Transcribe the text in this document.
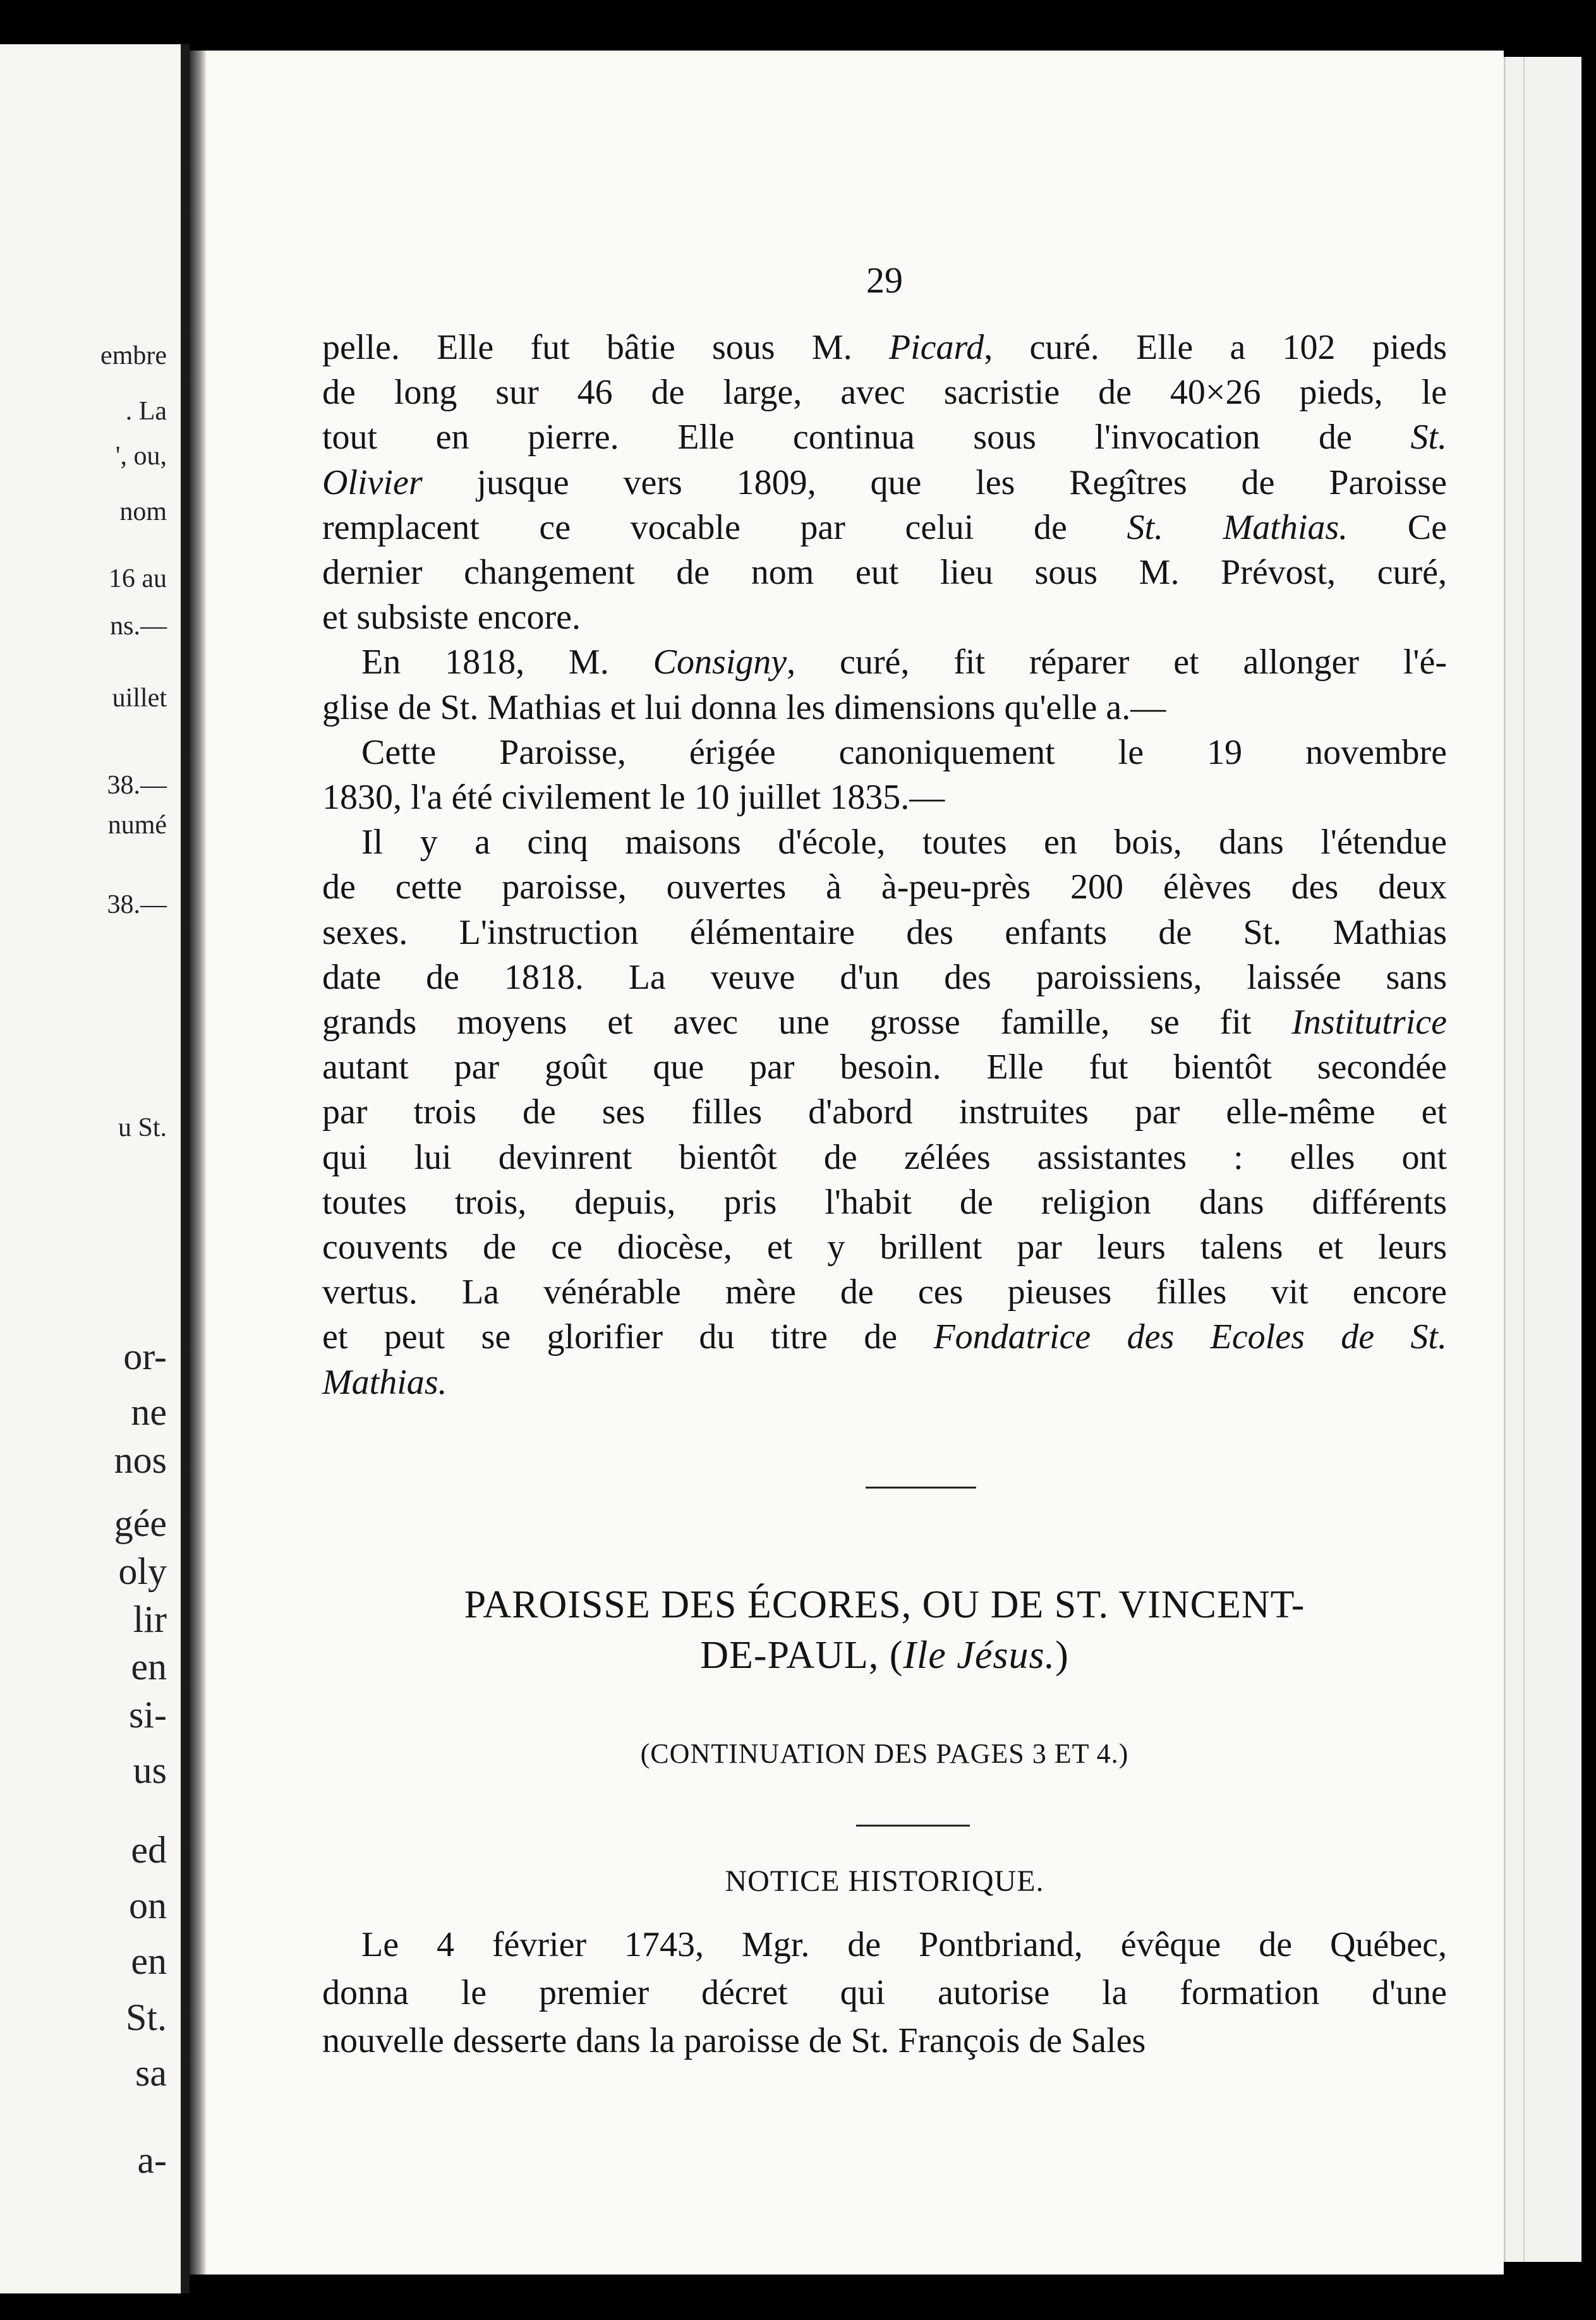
embre
. La
', ou,
nom
16 au
ns.—
uillet
38.—
numé
38.—
u St.
or-
ne
nos
gée
oly
lir
en
si-
us
ed
on
en
St.
sa
a-
29
pelle. Elle fut bâtie sous M. Picard, curé. Elle a 102 pieds
de long sur 46 de large, avec sacristie de 40×26 pieds, le
tout en pierre. Elle continua sous l'invocation de St.
Olivier jusque vers 1809, que les Regîtres de Paroisse
remplacent ce vocable par celui de St. Mathias. Ce
dernier changement de nom eut lieu sous M. Prévost, curé,
et subsiste encore.
En 1818, M. Consigny, curé, fit réparer et allonger l'é-
glise de St. Mathias et lui donna les dimensions qu'elle a.—
Cette Paroisse, érigée canoniquement le 19 novembre
1830, l'a été civilement le 10 juillet 1835.—
Il y a cinq maisons d'école, toutes en bois, dans l'étendue
de cette paroisse, ouvertes à à-peu-près 200 élèves des deux
sexes. L'instruction élémentaire des enfants de St. Mathias
date de 1818. La veuve d'un des paroissiens, laissée sans
grands moyens et avec une grosse famille, se fit Institutrice
autant par goût que par besoin. Elle fut bientôt secondée
par trois de ses filles d'abord instruites par elle-même et
qui lui devinrent bientôt de zélées assistantes : elles ont
toutes trois, depuis, pris l'habit de religion dans différents
couvents de ce diocèse, et y brillent par leurs talens et leurs
vertus. La vénérable mère de ces pieuses filles vit encore
et peut se glorifier du titre de Fondatrice des Ecoles de St.
Mathias.
PAROISSE DES ÉCORES, OU DE ST. VINCENT-
DE-PAUL, (Ile Jésus.)
(CONTINUATION DES PAGES 3 ET 4.)
NOTICE HISTORIQUE.
Le 4 février 1743, Mgr. de Pontbriand, évêque de Québec,
donna le premier décret qui autorise la formation d'une
nouvelle desserte dans la paroisse de St. François de Sales
